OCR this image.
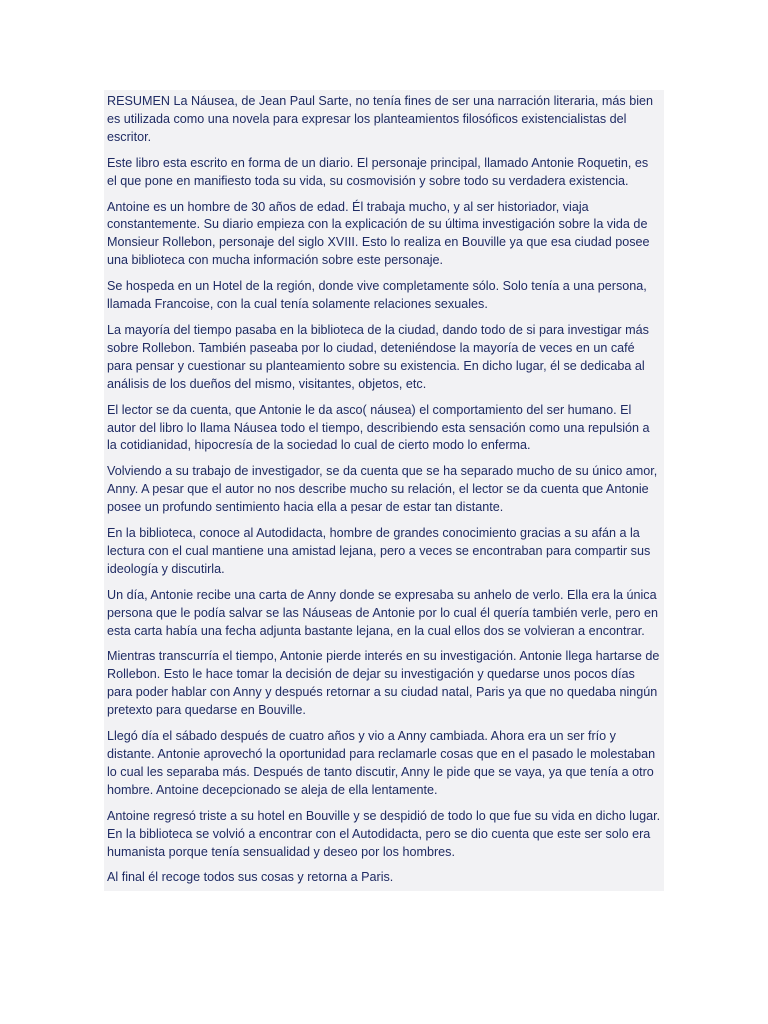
RESUMEN La Náusea, de Jean Paul Sarte, no tenía fines de ser una narración literaria, más bien es utilizada como una novela para expresar los planteamientos filosóficos existencialistas del escritor.

Este libro esta escrito en forma de un diario. El personaje principal, llamado Antonie Roquetin, es el que pone en manifiesto toda su vida, su cosmovisión y sobre todo su verdadera existencia.

Antoine es un hombre de 30 años de edad. Él trabaja mucho, y al ser historiador, viaja constantemente. Su diario empieza con la explicación de su última investigación sobre la vida de Monsieur Rollebon, personaje del siglo XVIII. Esto lo realiza en Bouville ya que esa ciudad posee una biblioteca con mucha información sobre este personaje.

Se hospeda en un Hotel de la región, donde vive completamente sólo. Solo tenía a una persona, llamada Francoise, con la cual tenía solamente relaciones sexuales.

La mayoría del tiempo pasaba en la biblioteca de la ciudad, dando todo de si para investigar más sobre Rollebon. También paseaba por lo ciudad, deteniéndose la mayoría de veces en un café para pensar y cuestionar su planteamiento sobre su existencia. En dicho lugar, él se dedicaba al análisis de los dueños del mismo, visitantes, objetos, etc.

El lector se da cuenta, que Antonie le da asco( náusea) el comportamiento del ser humano. El autor del libro lo llama Náusea todo el tiempo, describiendo esta sensación como una repulsión a la cotidianidad, hipocresía de la sociedad lo cual de cierto modo lo enferma.

Volviendo a su trabajo de investigador, se da cuenta que se ha separado mucho de su único amor, Anny. A pesar que el autor no nos describe mucho su relación, el lector se da cuenta que Antonie posee un profundo sentimiento hacia ella a pesar de estar tan distante.

En la biblioteca, conoce al Autodidacta, hombre de grandes conocimiento gracias a su afán a la lectura con el cual mantiene una amistad lejana, pero a veces se encontraban para compartir sus ideología y discutirla.

Un día, Antonie recibe una carta de Anny donde se expresaba su anhelo de verlo. Ella era la única persona que le podía salvar se las Náuseas de Antonie por lo cual él quería también verle, pero en esta carta había una fecha adjunta bastante lejana, en la cual ellos dos se volvieran a encontrar.

Mientras transcurría el tiempo, Antonie pierde interés en su investigación. Antonie llega hartarse de Rollebon. Esto le hace tomar la decisión de dejar su investigación y quedarse unos pocos días para poder hablar con Anny y después retornar a su ciudad natal, Paris ya que no quedaba ningún pretexto para quedarse en Bouville.

Llegó día el sábado después de cuatro años y vio a Anny cambiada. Ahora era un ser frío y distante. Antonie aprovechó la oportunidad para reclamarle cosas que en el pasado le molestaban lo cual les separaba más. Después de tanto discutir, Anny le pide que se vaya, ya que tenía a otro hombre. Antoine decepcionado se aleja de ella lentamente.

Antoine regresó triste a su hotel en Bouville y se despidió de todo lo que fue su vida en dicho lugar. En la biblioteca se volvió a encontrar con el Autodidacta, pero se dio cuenta que este ser solo era humanista porque tenía sensualidad y deseo por los hombres.

Al final él recoge todos sus cosas y retorna a Paris.
